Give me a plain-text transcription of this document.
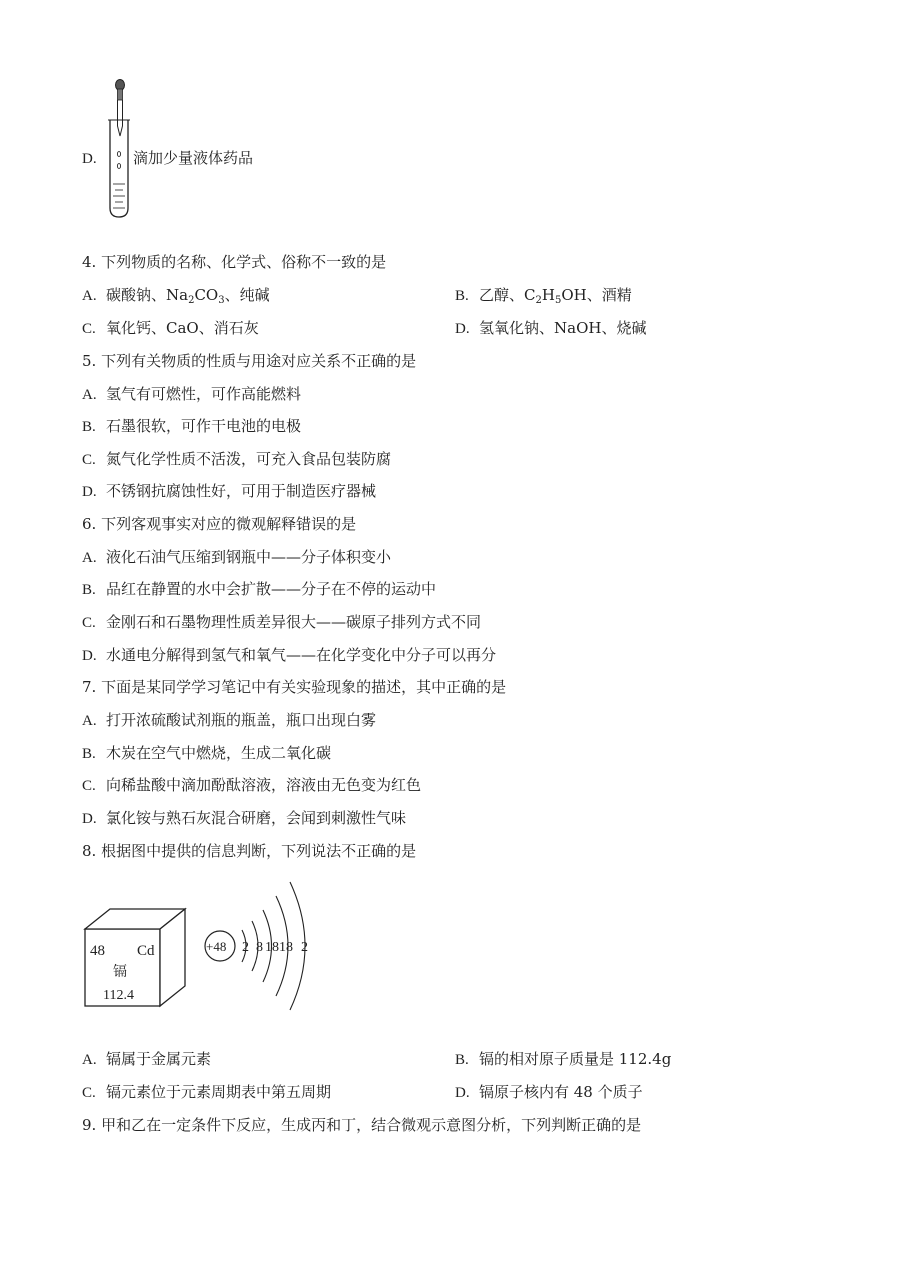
D.	滴加少量液体药品
4. 下列物质的名称、化学式、俗称不一致的是
A. 碳酸钠、$Na_2CO_3$、纯碱	B. 乙醇、$C_2H_5OH$、酒精
C. 氧化钙、CaO、消石灰	D. 氢氧化钠、NaOH、烧碱
5. 下列有关物质的性质与用途对应关系不正确的是
A. 氢气有可燃性，可作高能燃料
B. 石墨很软，可作干电池的电极
C. 氮气化学性质不活泼，可充入食品包装防腐
D. 不锈钢抗腐蚀性好，可用于制造医疗器械
6. 下列客观事实对应的微观解释错误的是
A. 液化石油气压缩到钢瓶中——分子体积变小
B. 品红在静置的水中会扩散——分子在不停的运动中
C. 金刚石和石墨物理性质差异很大——碳原子排列方式不同
D. 水通电分解得到氢气和氧气——在化学变化中分子可以再分
7. 下面是某同学学习笔记中有关实验现象的描述，其中正确的是
A. 打开浓硫酸试剂瓶的瓶盖，瓶口出现白雾
B. 木炭在空气中燃烧，生成二氧化碳
C. 向稀盐酸中滴加酚酞溶液，溶液由无色变为红色
D. 氯化铵与熟石灰混合研磨，会闻到刺激性气味
8. 根据图中提供的信息判断，下列说法不正确的是
48 Cd
镉
112.4
+48 2 8 18 18 2
A. 镉属于金属元素	B. 镉的相对原子质量是 112.4g
C. 镉元素位于元素周期表中第五周期	D. 镉原子核内有 48 个质子
9. 甲和乙在一定条件下反应，生成丙和丁，结合微观示意图分析，下列判断正确的是
